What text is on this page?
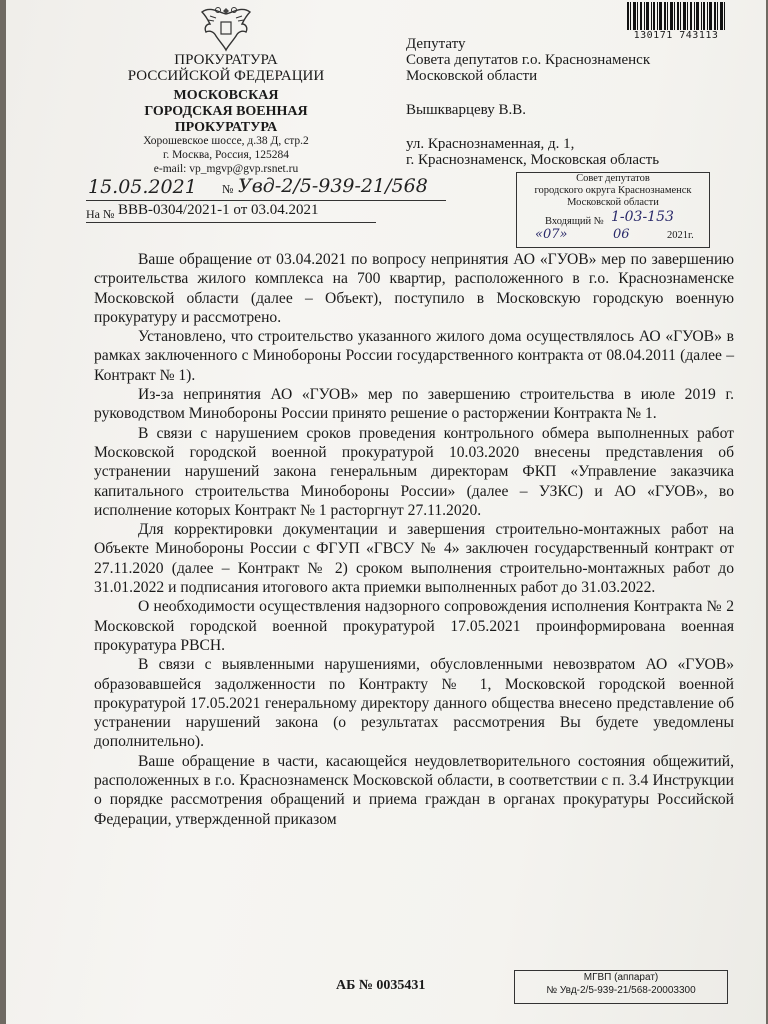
ПРОКУРАТУРА
РОССИЙСКОЙ ФЕДЕРАЦИИ
МОСКОВСКАЯ
ГОРОДСКАЯ ВОЕННАЯ
ПРОКУРАТУРА
Хорошевское шоссе, д.38 Д, стр.2
г. Москва, Россия, 125284
e-mail: vp_mgvp@gvp.rsnet.ru
130171 743113
Депутату
Совета депутатов г.о. Краснознаменск
Московской области
Вышкварцеву В.В.
ул. Краснознаменная, д. 1,
г. Краснознаменск, Московская область
15.05.2021 № Увд-2/5-939-21/568
На № ВВВ-0304/2021-1 от 03.04.2021
Совет депутатов
городского округа Краснознаменск
Московской области
Входящий № 1-03-153
«07»	06	2021г.

Ваше обращение от 03.04.2021 по вопросу непринятия АО «ГУОВ» мер по завершению строительства жилого комплекса на 700 квартир, расположенного в г.о. Краснознаменске Московской области (далее – Объект), поступило в Московскую городскую военную прокуратуру и рассмотрено.

Установлено, что строительство указанного жилого дома осуществлялось АО «ГУОВ» в рамках заключенного с Минобороны России государственного контракта от 08.04.2011 (далее – Контракт № 1).

Из-за непринятия АО «ГУОВ» мер по завершению строительства в июле 2019 г. руководством Минобороны России принято решение о расторжении Контракта № 1.

В связи с нарушением сроков проведения контрольного обмера выполненных работ Московской городской военной прокуратурой 10.03.2020 внесены представления об устранении нарушений закона генеральным директорам ФКП «Управление заказчика капитального строительства Минобороны России» (далее – УЗКС) и АО «ГУОВ», во исполнение которых Контракт № 1 расторгнут 27.11.2020.

Для корректировки документации и завершения строительно-монтажных работ на Объекте Минобороны России с ФГУП «ГВСУ № 4» заключен государственный контракт от 27.11.2020 (далее – Контракт № 2) сроком выполнения строительно-монтажных работ до 31.01.2022 и подписания итогового акта приемки выполненных работ до 31.03.2022.

О необходимости осуществления надзорного сопровождения исполнения Контракта № 2 Московской городской военной прокуратурой 17.05.2021 проинформирована военная прокуратура РВСН.

В связи с выявленными нарушениями, обусловленными невозвратом АО «ГУОВ» образовавшейся задолженности по Контракту № 1, Московской городской военной прокуратурой 17.05.2021 генеральному директору данного общества внесено представление об устранении нарушений закона (о результатах рассмотрения Вы будете уведомлены дополнительно).

Ваше обращение в части, касающейся неудовлетворительного состояния общежитий, расположенных в г.о. Краснознаменск Московской области, в соответствии с п. 3.4 Инструкции о порядке рассмотрения обращений и приема граждан в органах прокуратуры Российской Федерации, утвержденной приказом

АБ № 0035431
МГВП (аппарат)
№ Увд-2/5-939-21/568-20003300
